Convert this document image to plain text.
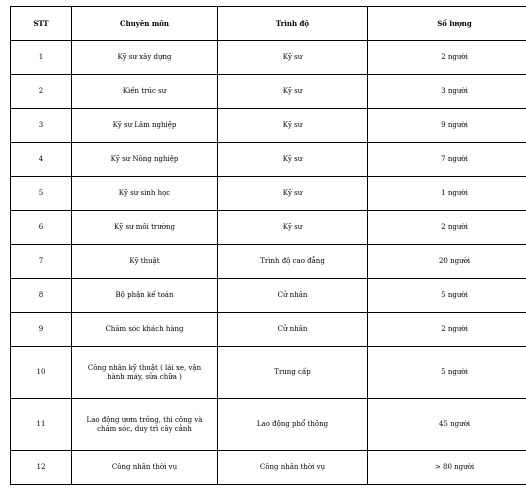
STT	Chuyên môn	Trình độ	Số lượng
1	Kỹ sư xây dựng	Kỹ sư	2 người
2	Kiến trúc sư	Kỹ sư	3 người
3	Kỹ sư Lâm nghiệp	Kỹ sư	9 người
4	Kỹ sư Nông nghiệp	Kỹ sư	7 người
5	Kỹ sư sinh học	Kỹ sư	1 người
6	Kỹ sư môi trường	Kỹ sư	2 người
7	Kỹ thuật	Trình độ cao đẳng	20 người
8	Bộ phận kế toán	Cử nhân	5 người
9	Chăm sóc khách hàng	Cử nhân	2 người
10	Công nhân kỹ thuật ( lái xe, vận hành máy, sửa chữa )	Trung cấp	5 người
11	Lao động ươm trồng, thi công và chăm sóc, duy trì cây cảnh	Lao động phổ thông	45 người
12	Công nhân thời vụ	Công nhân thời vụ	> 80 người
